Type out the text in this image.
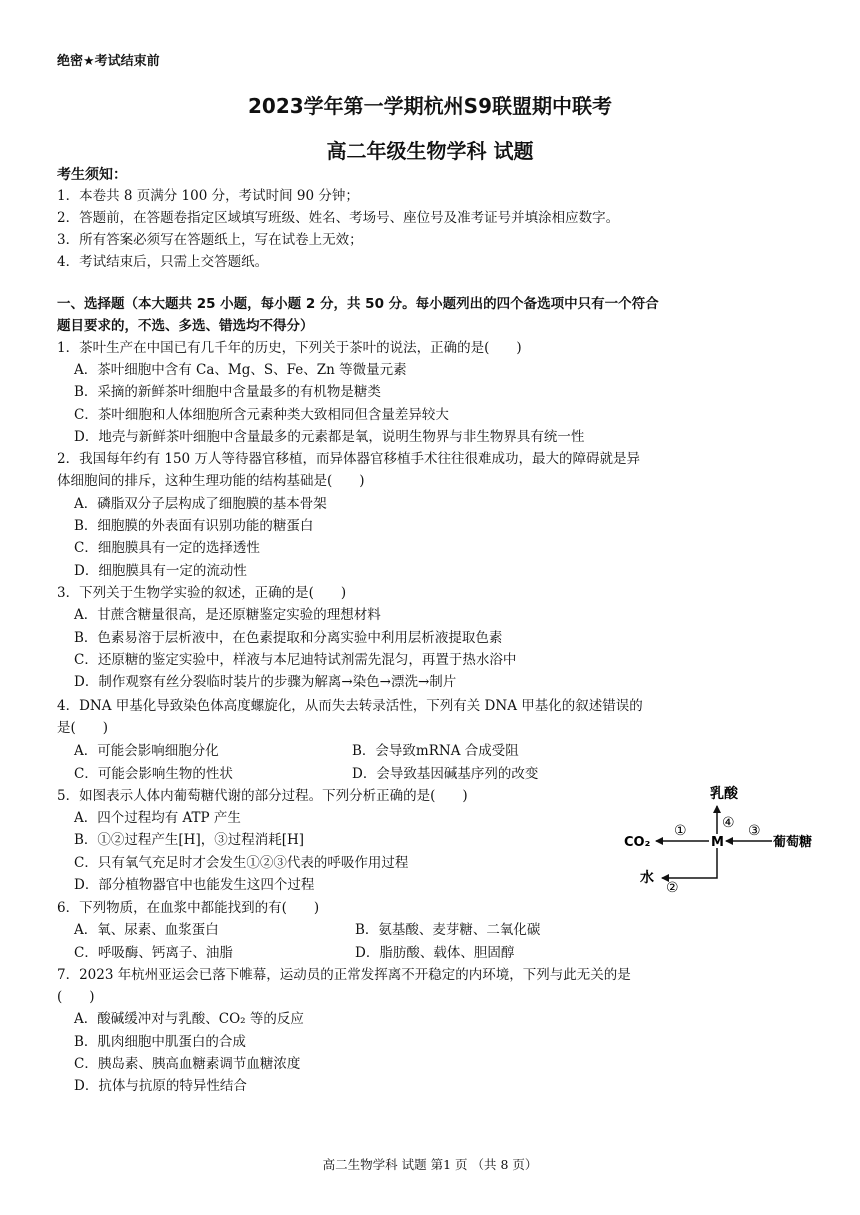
绝密★考试结束前
2023学年第一学期杭州S9联盟期中联考
高二年级生物学科 试题
考生须知：
1．本卷共 8 页满分 100 分，考试时间 90 分钟；
2．答题前，在答题卷指定区域填写班级、姓名、考场号、座位号及准考证号并填涂相应数字。
3．所有答案必须写在答题纸上，写在试卷上无效；
4．考试结束后，只需上交答题纸。
一、选择题（本大题共 25 小题，每小题 2 分，共 50 分。每小题列出的四个备选项中只有一个符合
题目要求的，不选、多选、错选均不得分）
1．茶叶生产在中国已有几千年的历史，下列关于茶叶的说法，正确的是(　　)
A．茶叶细胞中含有 Ca、Mg、S、Fe、Zn 等微量元素
B．采摘的新鲜茶叶细胞中含量最多的有机物是糖类
C．茶叶细胞和人体细胞所含元素种类大致相同但含量差异较大
D．地壳与新鲜茶叶细胞中含量最多的元素都是氧，说明生物界与非生物界具有统一性
2．我国每年约有 150 万人等待器官移植，而异体器官移植手术往往很难成功，最大的障碍就是异
体细胞间的排斥，这种生理功能的结构基础是(　　)
A．磷脂双分子层构成了细胞膜的基本骨架
B．细胞膜的外表面有识别功能的糖蛋白
C．细胞膜具有一定的选择透性
D．细胞膜具有一定的流动性
3．下列关于生物学实验的叙述，正确的是(　　)
A．甘蔗含糖量很高，是还原糖鉴定实验的理想材料
B．色素易溶于层析液中，在色素提取和分离实验中利用层析液提取色素
C．还原糖的鉴定实验中，样液与本尼迪特试剂需先混匀，再置于热水浴中
D．制作观察有丝分裂临时装片的步骤为解离→染色→漂洗→制片
4．DNA 甲基化导致染色体高度螺旋化，从而失去转录活性，下列有关 DNA 甲基化的叙述错误的
是(　　)
A．可能会影响细胞分化	B．会导致mRNA 合成受阻
C．可能会影响生物的性状	D．会导致基因碱基序列的改变
5．如图表示人体内葡萄糖代谢的部分过程。下列分析正确的是(　　)
A．四个过程均有 ATP 产生
B．①②过程产生[H]，③过程消耗[H]
C．只有氧气充足时才会发生①②③代表的呼吸作用过程
D．部分植物器官中也能发生这四个过程
乳酸
④
CO₂
①
M
③
葡萄糖
水
②
6．下列物质，在血浆中都能找到的有(　　)
A．氧、尿素、血浆蛋白	B．氨基酸、麦芽糖、二氧化碳
C．呼吸酶、钙离子、油脂	D．脂肪酸、载体、胆固醇
7．2023 年杭州亚运会已落下帷幕，运动员的正常发挥离不开稳定的内环境，下列与此无关的是
(　　)
A．酸碱缓冲对与乳酸、CO₂ 等的反应
B．肌肉细胞中肌蛋白的合成
C．胰岛素、胰高血糖素调节血糖浓度
D．抗体与抗原的特异性结合
高二生物学科 试题 第1 页 （共 8 页）
